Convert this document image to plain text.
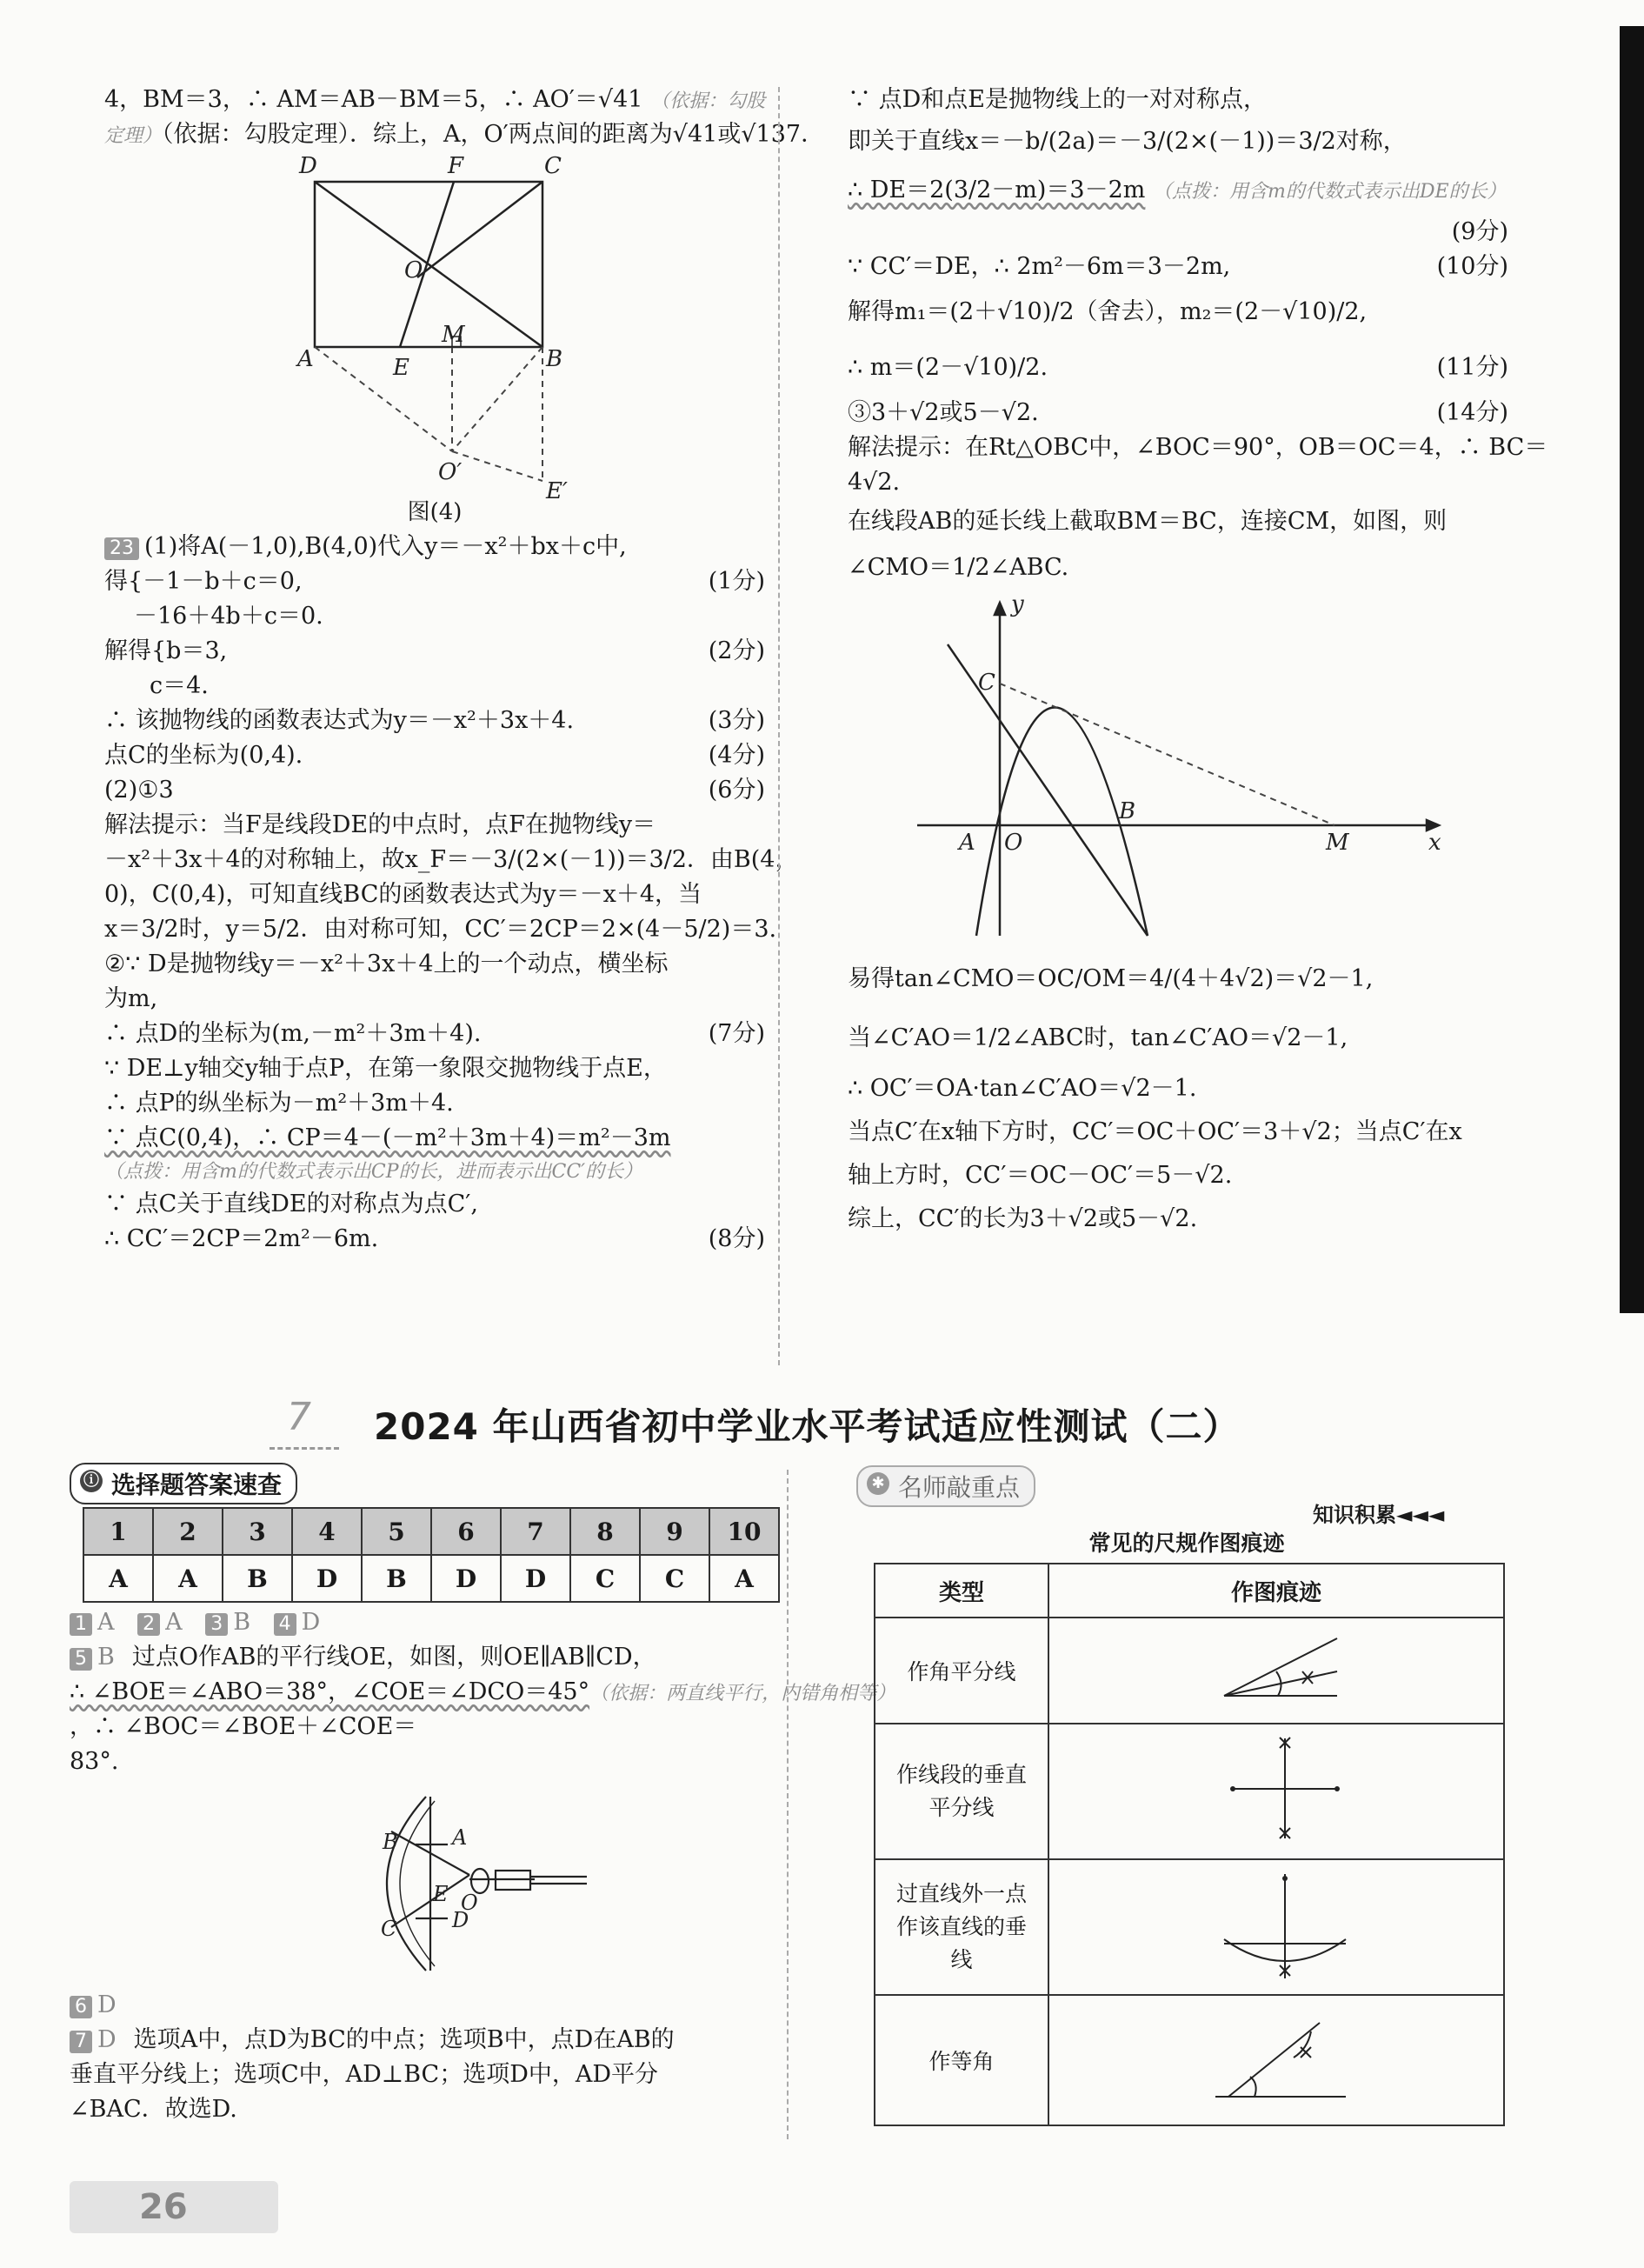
4，BM＝3，∴ AM＝AB－BM＝5，∴ AO′＝√41 （依据：勾股
定理）（依据：勾股定理）．综上，A，O′两点间的距离为√41或√137．
D	F	C
O
M
A	E	B
O′
E′
图(4)
23 (1)将A(－1,0),B(4,0)代入y＝－x²＋bx＋c中,
得{－1－b＋c＝0,	(1分)
－16＋4b＋c＝0.
解得{b＝3,	(2分)
c＝4.
∴ 该抛物线的函数表达式为y＝－x²＋3x＋4.	(3分)
点C的坐标为(0,4).	(4分)
(2)①3	(6分)
解法提示：当F是线段DE的中点时，点F在抛物线y＝
－x²＋3x＋4的对称轴上，故x_F＝－3/(2×(－1))＝3/2．由B(4，
0)，C(0,4)，可知直线BC的函数表达式为y＝－x＋4，当
x＝3/2时，y＝5/2．由对称可知，CC′＝2CP＝2×(4－5/2)＝3.
②∵ D是抛物线y＝－x²＋3x＋4上的一个动点，横坐标
为m,
∴ 点D的坐标为(m,－m²＋3m＋4).	(7分)
∵ DE⊥y轴交y轴于点P，在第一象限交抛物线于点E，
∴ 点P的纵坐标为－m²＋3m＋4.
∵ 点C(0,4)，∴ CP＝4－(－m²＋3m＋4)＝m²－3m
（点拨：用含m的代数式表示出CP的长，进而表示出CC′的长）
∵ 点C关于直线DE的对称点为点C′,
∴ CC′＝2CP＝2m²－6m.	(8分)
∵ 点D和点E是抛物线上的一对对称点，
即关于直线x＝－b/(2a)＝－3/(2×(－1))＝3/2对称，
∴ DE＝2(3/2－m)＝3－2m （点拨：用含m的代数式表示出DE的长）
(9分)
∵ CC′＝DE，∴ 2m²－6m＝3－2m,	(10分)
解得m₁＝(2＋√10)/2（舍去），m₂＝(2－√10)/2,
∴ m＝(2－√10)/2.	(11分)
③3＋√2或5－√2.	(14分)
解法提示：在Rt△OBC中，∠BOC＝90°，OB＝OC＝4，∴ BC＝
4√2.
在线段AB的延长线上截取BM＝BC，连接CM，如图，则
∠CMO＝1/2∠ABC.
y
C
B
A O	M	x
易得tan∠CMO＝OC/OM＝4/(4＋4√2)＝√2－1,
当∠C′AO＝1/2∠ABC时，tan∠C′AO＝√2－1,
∴ OC′＝OA·tan∠C′AO＝√2－1.
当点C′在x轴下方时，CC′＝OC＋OC′＝3＋√2；当点C′在x
轴上方时，CC′＝OC－OC′＝5－√2.
综上，CC′的长为3＋√2或5－√2.
7 2024 年山西省初中学业水平考试适应性测试（二）
ⓘ 选择题答案速查
1	2	3	4	5	6	7	8	9	10
A	A	B	D	B	D	D	C	C	A
1 A 2 A 3 B 4 D
5 B 过点O作AB的平行线OE，如图，则OE∥AB∥CD，
∴ ∠BOE＝∠ABO＝38°，∠COE＝∠DCO＝45°（依据：两直线平行，内错角相等）
，∴ ∠BOC＝∠BOE＋∠COE＝
83°.
B	A
E O
C	D
6 D
7 D 选项A中，点D为BC的中点；选项B中，点D在AB的
垂直平分线上；选项C中，AD⊥BC；选项D中，AD平分
∠BAC．故选D.
✱ 名师敲重点
知识积累◄◄◄
常见的尺规作图痕迹
类型	作图痕迹
作角平分线	
作线段的垂直平分线	
过直线外一点作该直线的垂线	
作等角	
26
